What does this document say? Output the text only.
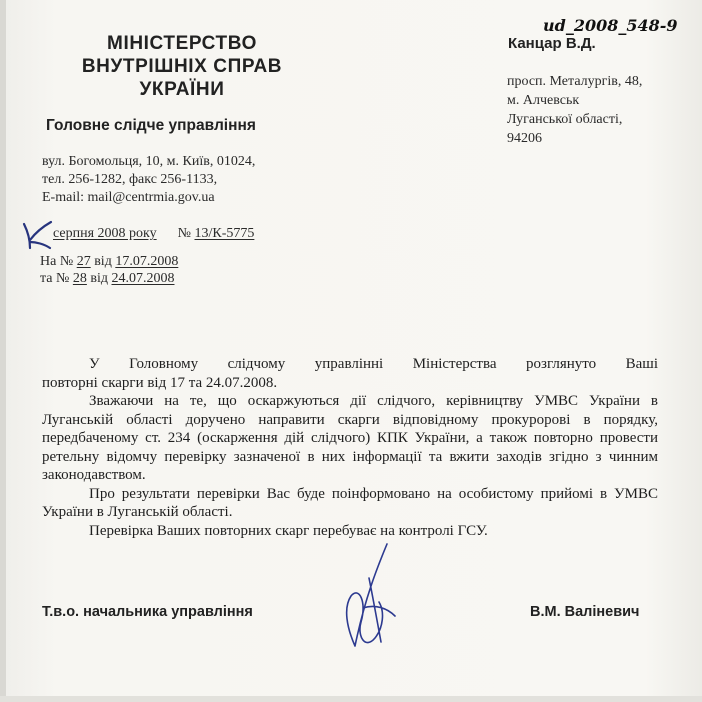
ud_2008_548-9
МІНІСТЕРСТВО
ВНУТРІШНІХ СПРАВ
УКРАЇНИ
Головне слідче управління
вул. Богомольця, 10, м. Київ, 01024,
тел. 256-1282, факс 256-1133,
E-mail: mail@centrmia.gov.ua
Канцар В.Д.
просп. Металургів, 48,
м. Алчевськ
Луганської області,
94206
серпня 2008 року № 13/К-5775
На № 27 від 17.07.2008
та № 28 від 24.07.2008
У Головному слідчому управлінні Міністерства розглянуто Ваші
повторні скарги від 17 та 24.07.2008.
Зважаючи на те, що оскаржуються дії слідчого, керівництву УМВС України в Луганській області доручено направити скарги відповідному прокуророві в порядку, передбаченому ст. 234 (оскарження дій слідчого) КПК України, а також повторно провести ретельну відомчу перевірку зазначеної в них інформації та вжити заходів згідно з чинним законодавством.
Про результати перевірки Вас буде поінформовано на особистому прийомі в УМВС України в Луганській області.
Перевірка Ваших повторних скарг перебуває на контролі ГСУ.
Т.в.о. начальника управління	В.М. Валіневич
